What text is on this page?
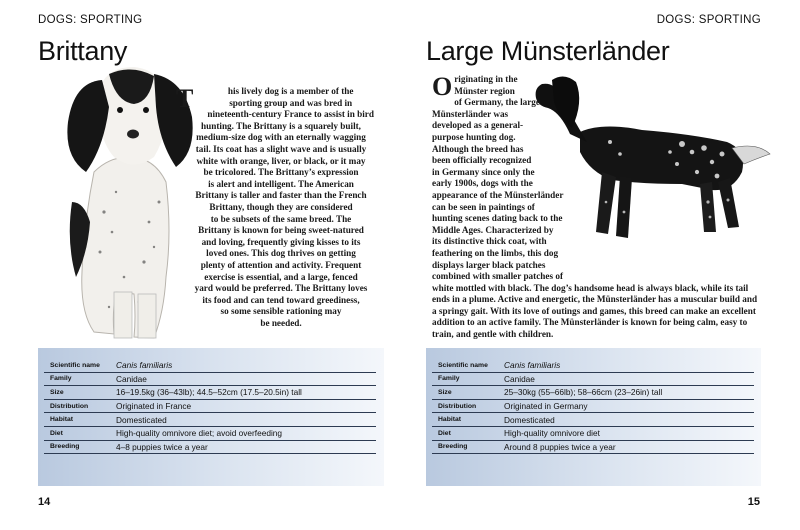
DOGS: SPORTING
Brittany
T	his lively dog is a member of the
sporting group and was bred in
nineteenth-century France to assist in bird
hunting. The Brittany is a squarely built,
medium-size dog with an eternally wagging
tail. Its coat has a slight wave and is usually
white with orange, liver, or black, or it may
be tricolored. The Brittany’s expression
is alert and intelligent. The American
Brittany is taller and faster than the French
Brittany, though they are considered
to be subsets of the same breed. The
Brittany is known for being sweet-natured
and loving, frequently giving kisses to its
loved ones. This dog thrives on getting
plenty of attention and activity. Frequent
exercise is essential, and a large, fenced
yard would be preferred. The Brittany loves
its food and can tend toward greediness,
so some sensible rationing may
be needed.
Scientific name	Canis familiaris
Family	Canidae
Size	16–19.5kg (36–43lb); 44.5–52cm (17.5–20.5in) tall
Distribution	Originated in France
Habitat	Domesticated
Diet	High-quality omnivore diet; avoid overfeeding
Breeding	4–8 puppies twice a year
14
DOGS: SPORTING
Large Münsterländer
O riginating in the
Münster region
of Germany, the large
Münsterländer was
developed as a general-
purpose hunting dog.
Although the breed has
been officially recognized
in Germany since only the
early 1900s, dogs with the
appearance of the Münsterländer
can be seen in paintings of
hunting scenes dating back to the
Middle Ages. Characterized by
its distinctive thick coat, with
feathering on the limbs, this dog
displays larger black patches
combined with smaller patches of
white mottled with black. The dog’s handsome head is always black, while its tail
ends in a plume. Active and energetic, the Münsterländer has a muscular build and
a springy gait. With its love of outings and games, this breed can make an excellent
addition to an active family. The Münsterländer is known for being calm, easy to
train, and gentle with children.
Scientific name	Canis familiaris
Family	Canidae
Size	25–30kg (55–66lb); 58–66cm (23–26in) tall
Distribution	Originated in Germany
Habitat	Domesticated
Diet	High-quality omnivore diet
Breeding	Around 8 puppies twice a year
15
